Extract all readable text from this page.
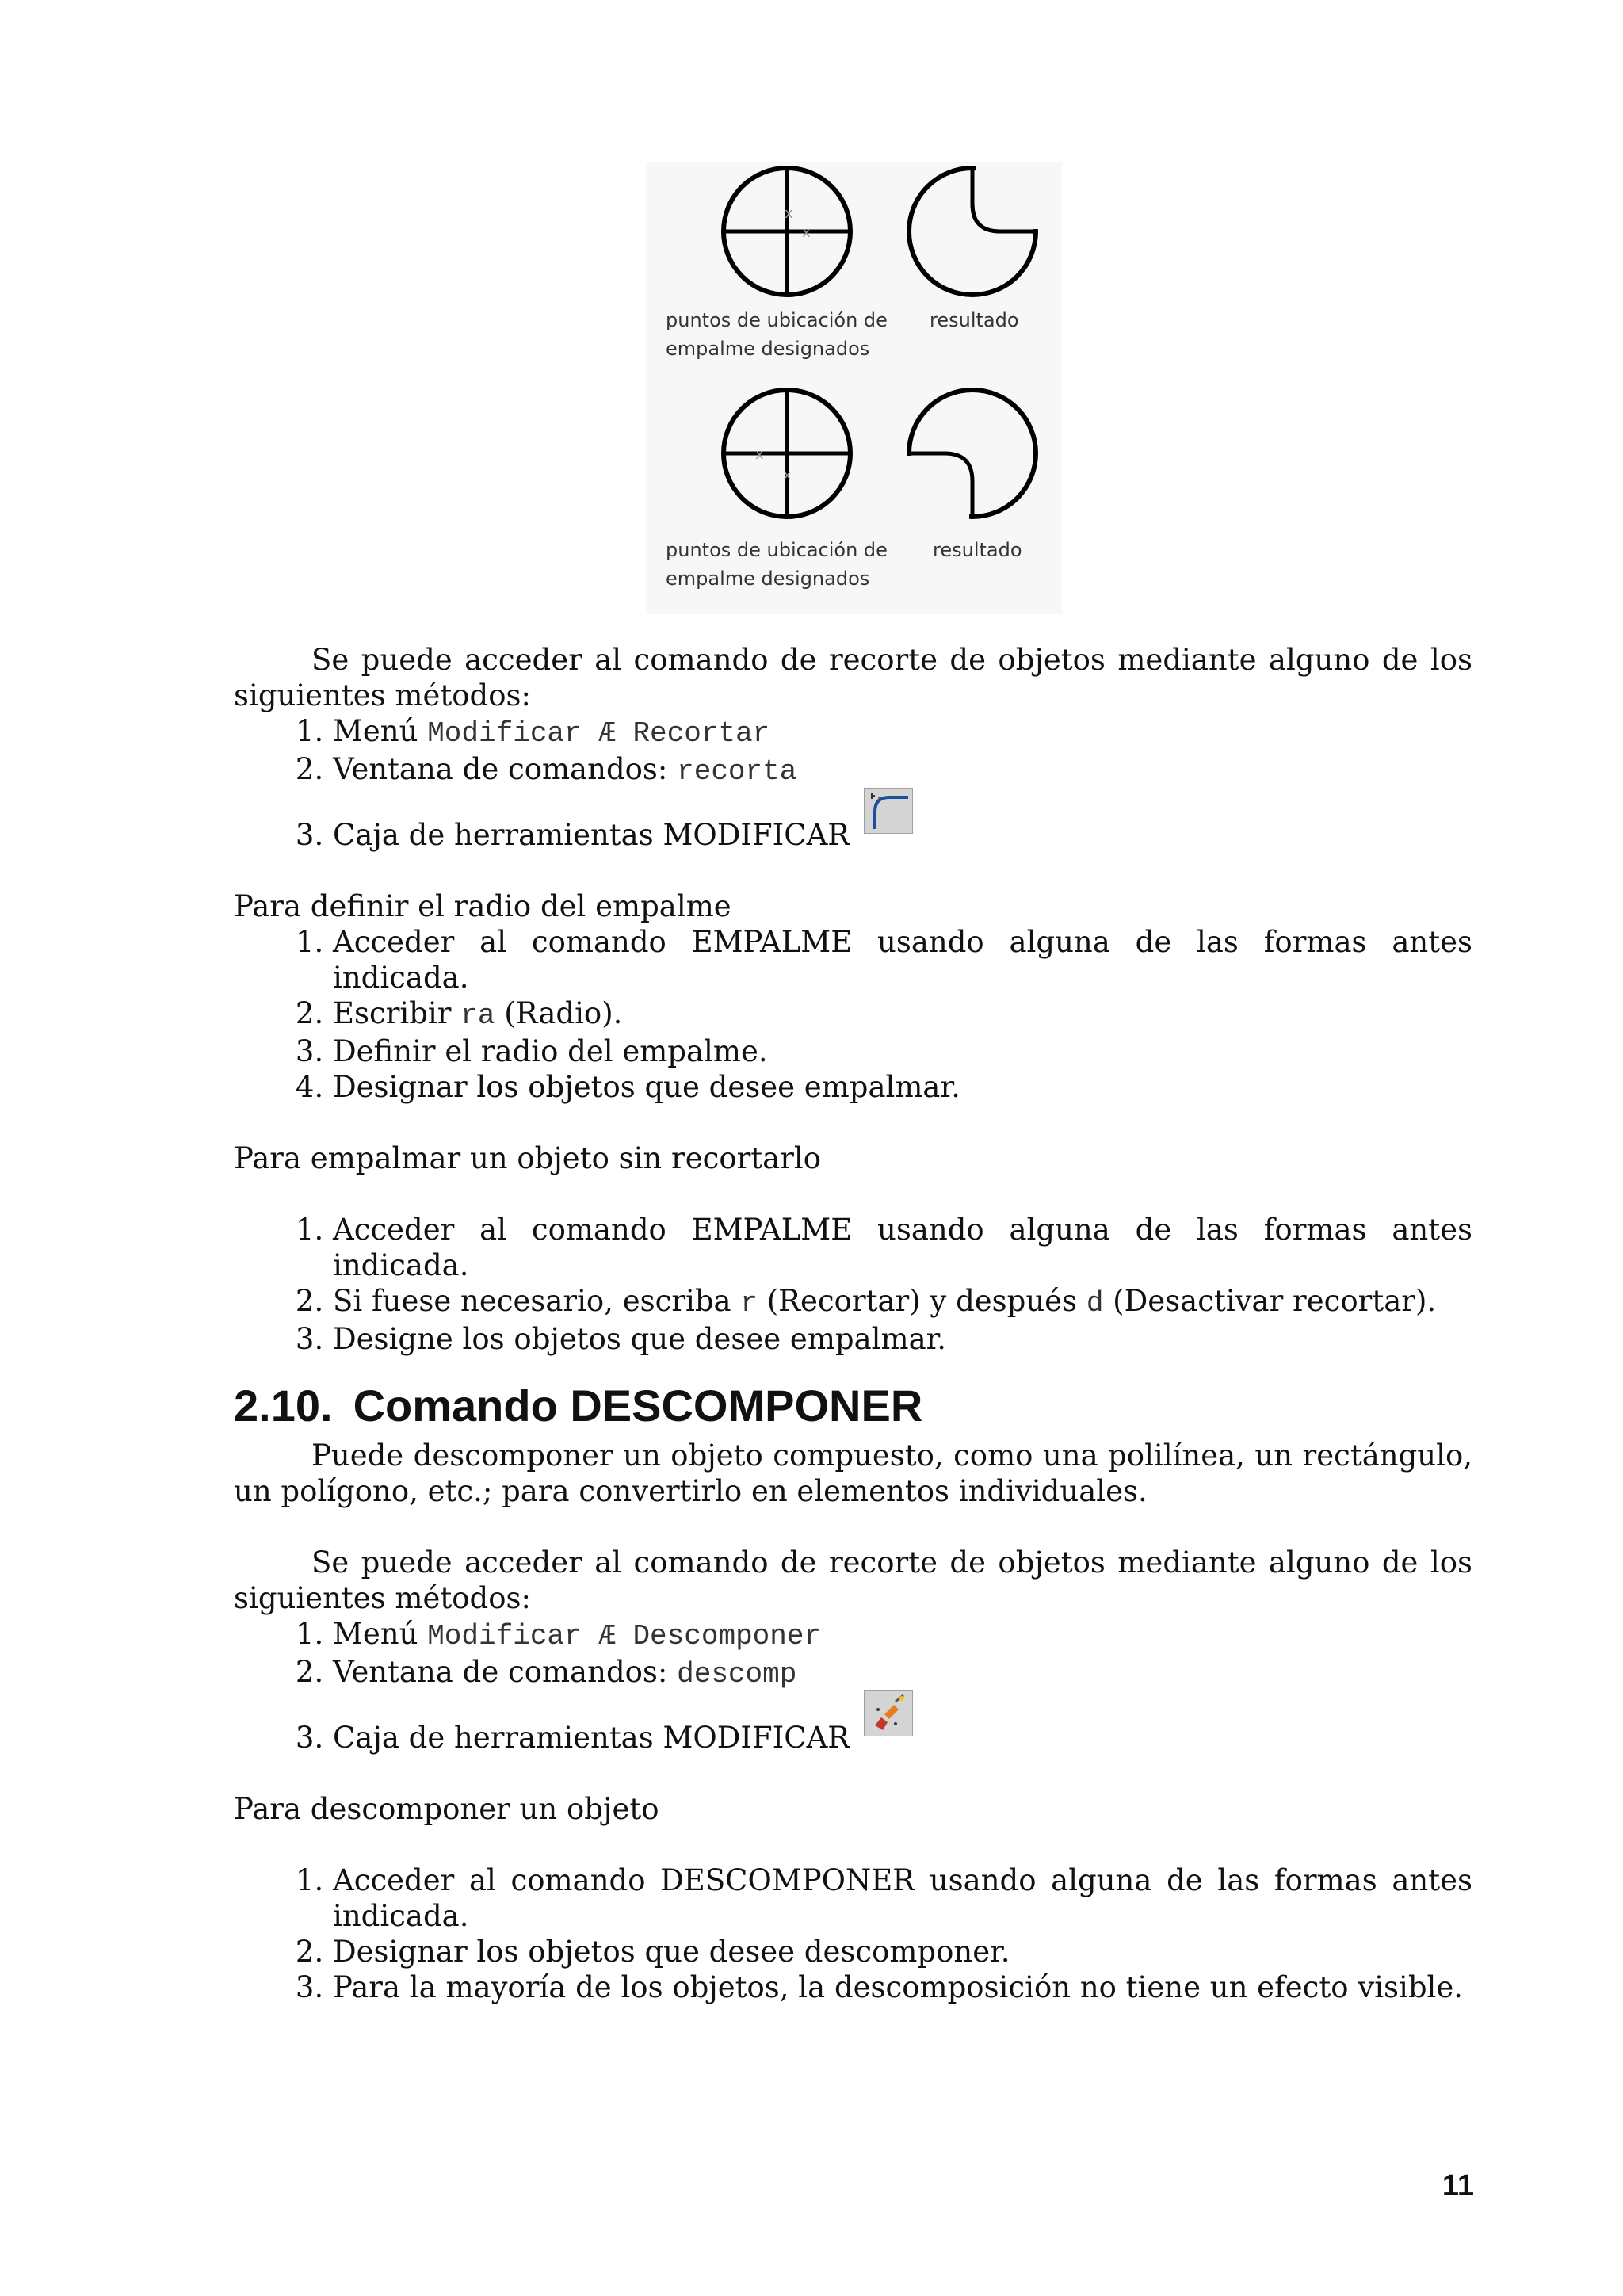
x
x
puntos de ubicación de
empalme designados
resultado
x
x
puntos de ubicación de
empalme designados
resultado

Se puede acceder al comando de recorte de objetos mediante alguno de los siguientes métodos:

1. Menú Modificar Æ Recortar
2. Ventana de comandos: recorta
3. Caja de herramientas MODIFICAR

Para definir el radio del empalme

1. Acceder al comando EMPALME usando alguna de las formas antes indicada.
2. Escribir ra (Radio).
3. Definir el radio del empalme.
4. Designar los objetos que desee empalmar.

Para empalmar un objeto sin recortarlo

1. Acceder al comando EMPALME usando alguna de las formas antes indicada.
2. Si fuese necesario, escriba r (Recortar) y después d (Desactivar recortar).
3. Designe los objetos que desee empalmar.
2.10. Comando DESCOMPONER

Puede descomponer un objeto compuesto, como una polilínea, un rectángulo, un polígono, etc.; para convertirlo en elementos individuales.

Se puede acceder al comando de recorte de objetos mediante alguno de los siguientes métodos:

1. Menú Modificar Æ Descomponer
2. Ventana de comandos: descomp
3. Caja de herramientas MODIFICAR

Para descomponer un objeto

1. Acceder al comando DESCOMPONER usando alguna de las formas antes indicada.
2. Designar los objetos que desee descomponer.
3. Para la mayoría de los objetos, la descomposición no tiene un efecto visible.
11
